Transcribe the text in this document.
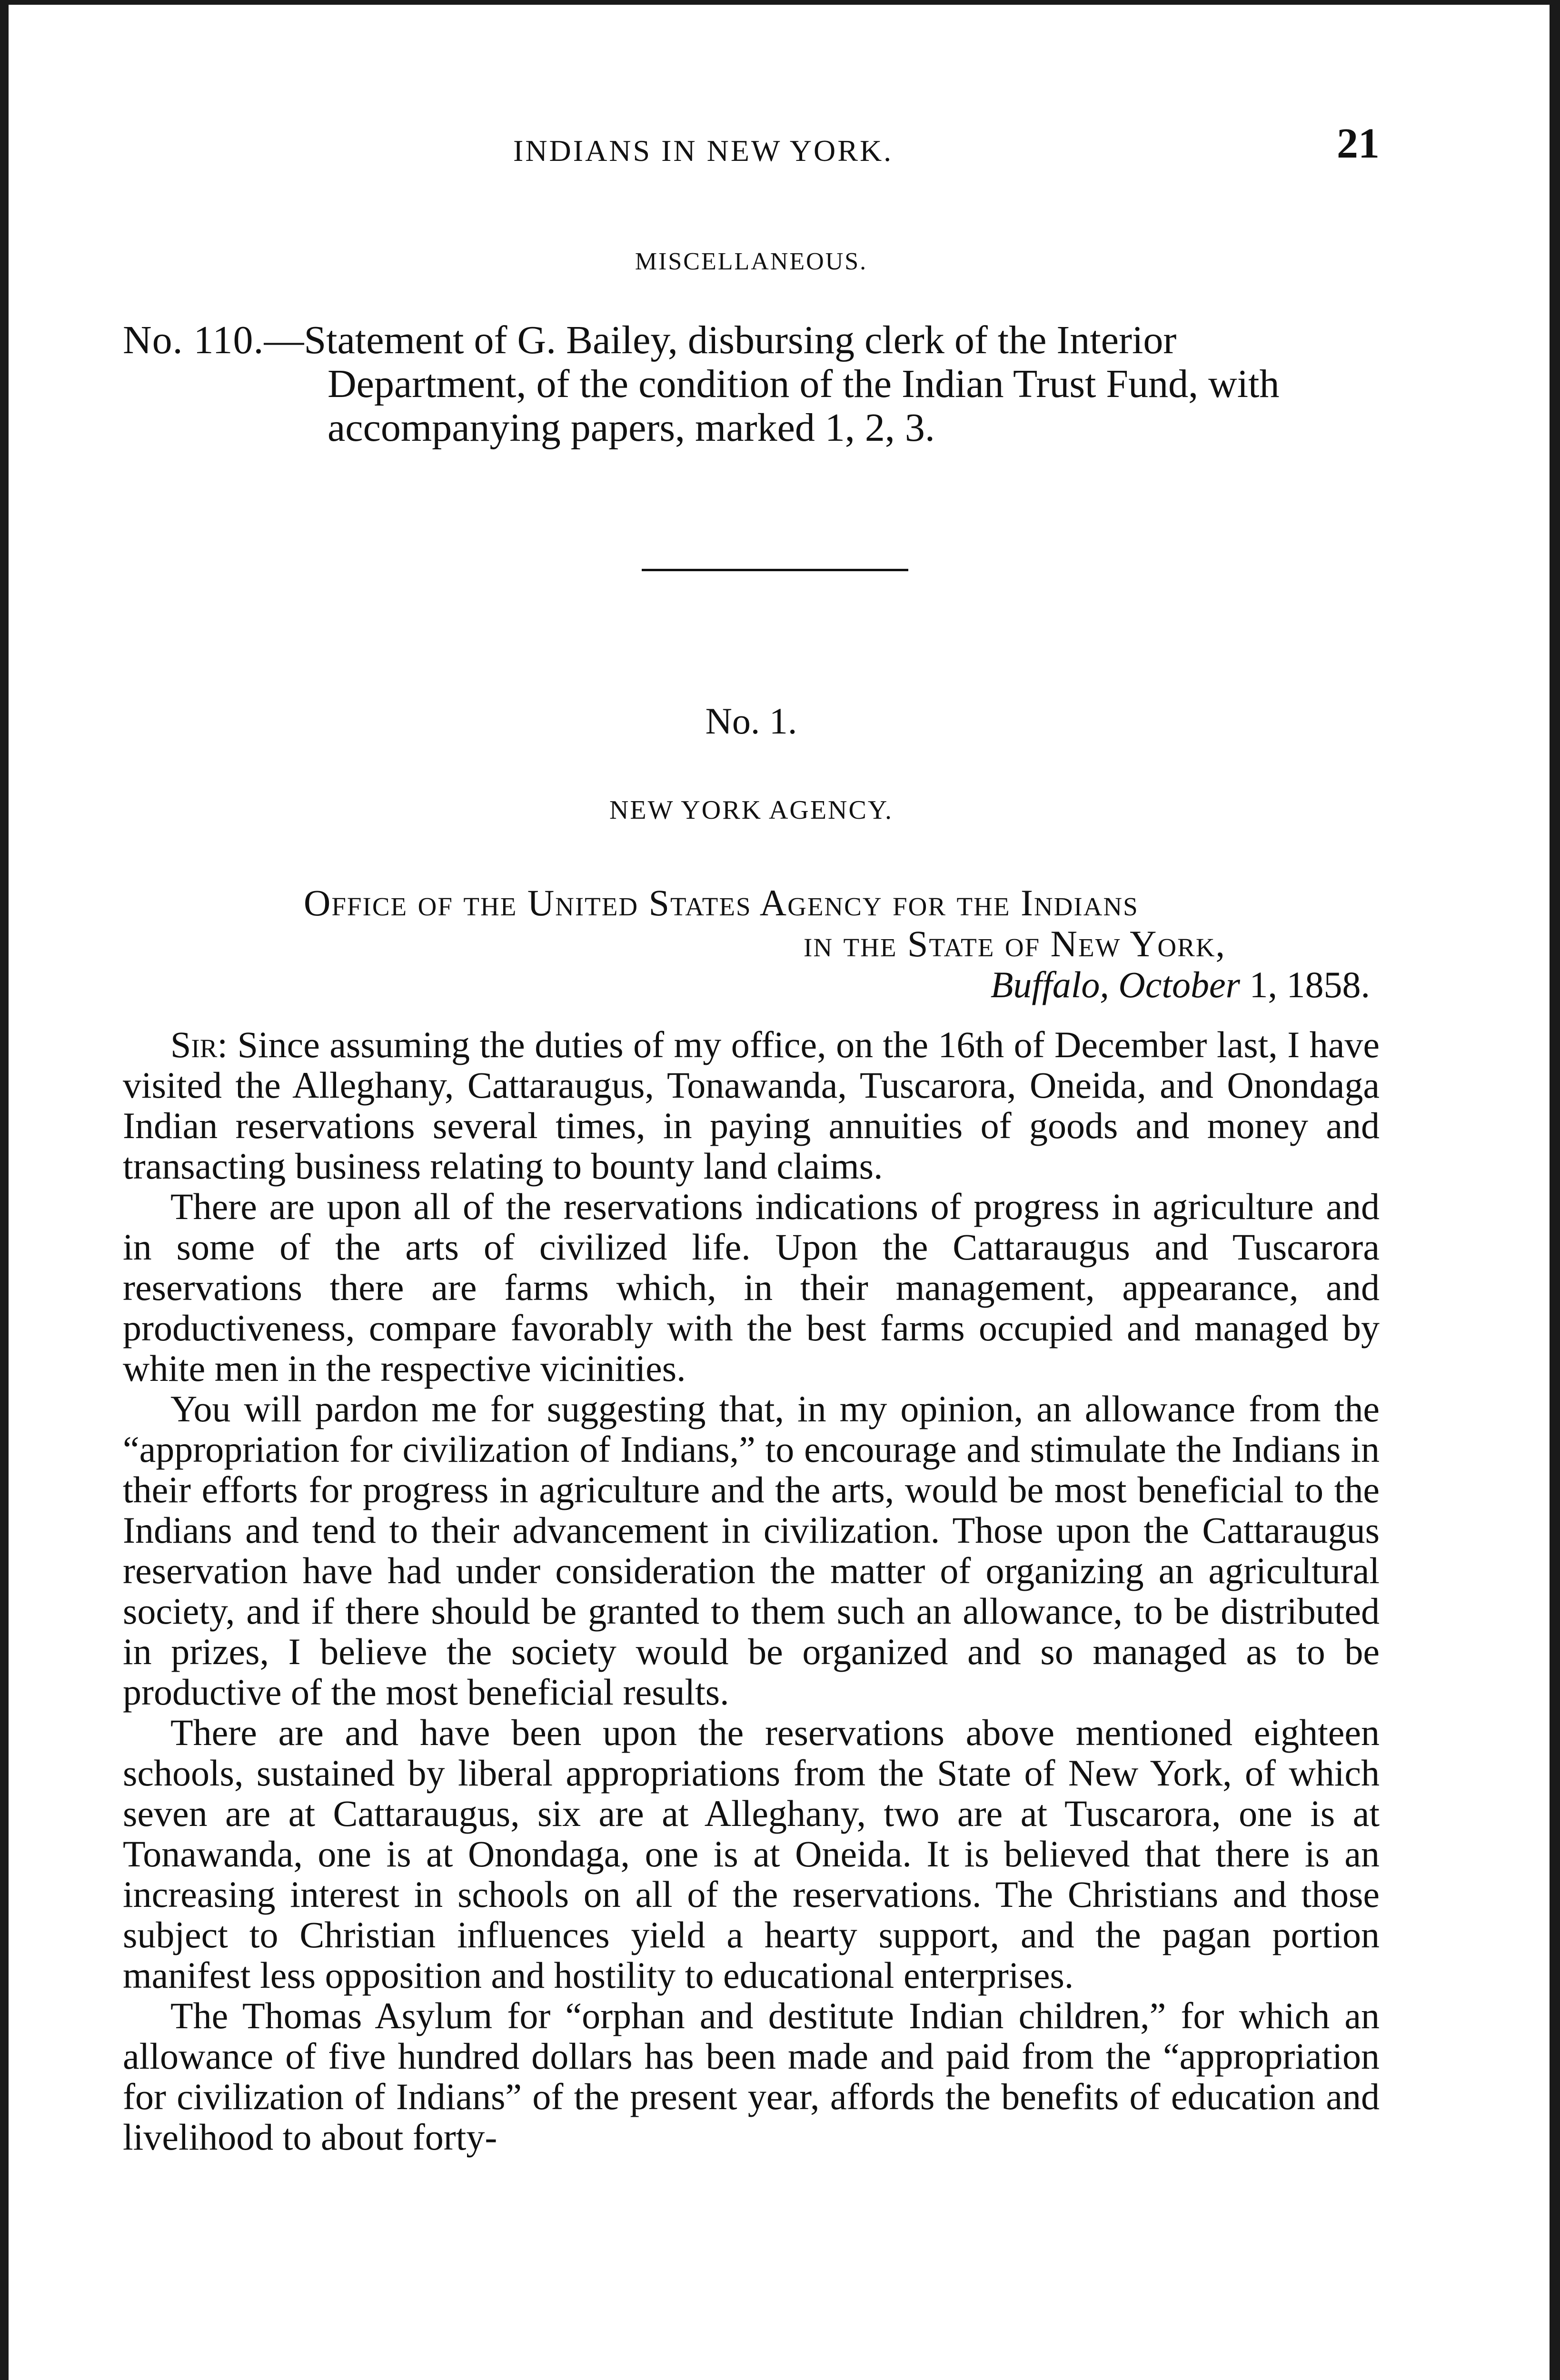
INDIANS IN NEW YORK.	21
MISCELLANEOUS.
No. 110.—Statement of G. Bailey, disbursing clerk of the Interior Department, of the condition of the Indian Trust Fund, with accompanying papers, marked 1, 2, 3.
No. 1.
NEW YORK AGENCY.
Office of the United States Agency for the Indians
in the State of New York,
Buffalo, October 1, 1858.

Sir: Since assuming the duties of my office, on the 16th of December last, I have visited the Alleghany, Cattaraugus, Tonawanda, Tuscarora, Oneida, and Onondaga Indian reservations several times, in paying annuities of goods and money and transacting business relating to bounty land claims.

There are upon all of the reservations indications of progress in agriculture and in some of the arts of civilized life. Upon the Cattaraugus and Tuscarora reservations there are farms which, in their management, appearance, and productiveness, compare favorably with the best farms occupied and managed by white men in the respective vicinities.

You will pardon me for suggesting that, in my opinion, an allowance from the “appropriation for civilization of Indians,” to encourage and stimulate the Indians in their efforts for progress in agriculture and the arts, would be most beneficial to the Indians and tend to their advancement in civilization. Those upon the Cattaraugus reservation have had under consideration the matter of organizing an agricultural society, and if there should be granted to them such an allowance, to be distributed in prizes, I believe the society would be organized and so managed as to be productive of the most beneficial results.

There are and have been upon the reservations above mentioned eighteen schools, sustained by liberal appropriations from the State of New York, of which seven are at Cattaraugus, six are at Alleghany, two are at Tuscarora, one is at Tonawanda, one is at Onondaga, one is at Oneida. It is believed that there is an increasing interest in schools on all of the reservations. The Christians and those subject to Christian influences yield a hearty support, and the pagan portion manifest less opposition and hostility to educational enterprises.

The Thomas Asylum for “orphan and destitute Indian children,” for which an allowance of five hundred dollars has been made and paid from the “appropriation for civilization of Indians” of the present year, affords the benefits of education and livelihood to about forty-
